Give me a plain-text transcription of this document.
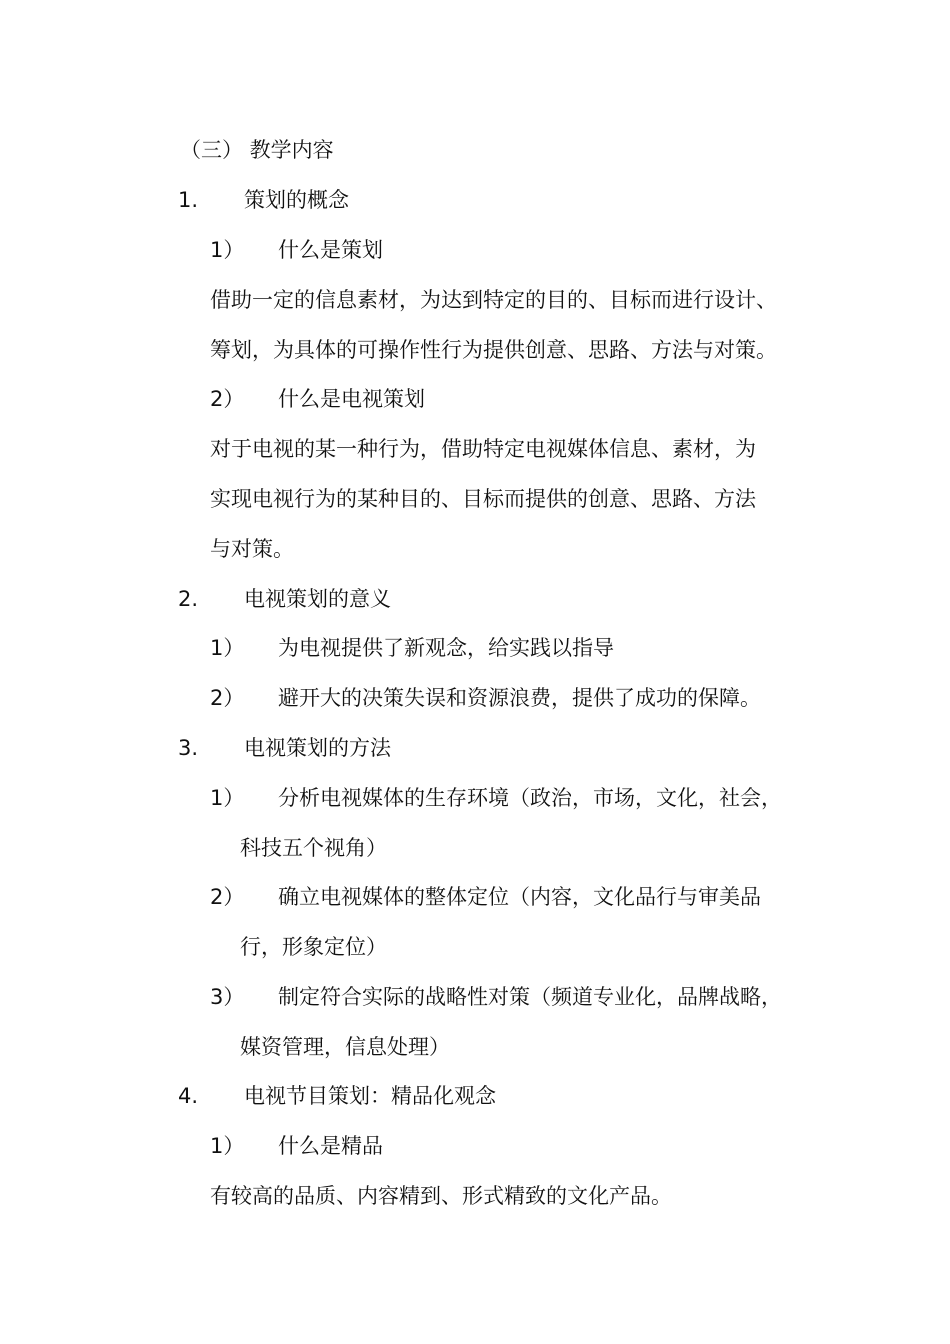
（三） 教学内容
1. 策划的概念
1） 什么是策划
借助一定的信息素材，为达到特定的目的、目标而进行设计、
筹划，为具体的可操作性行为提供创意、思路、方法与对策。
2） 什么是电视策划
对于电视的某一种行为，借助特定电视媒体信息、素材，为
实现电视行为的某种目的、目标而提供的创意、思路、方法
与对策。
2. 电视策划的意义
1） 为电视提供了新观念，给实践以指导
2） 避开大的决策失误和资源浪费，提供了成功的保障。
3. 电视策划的方法
1） 分析电视媒体的生存环境（政治，市场，文化，社会，
科技五个视角）
2） 确立电视媒体的整体定位（内容，文化品行与审美品
行，形象定位）
3） 制定符合实际的战略性对策（频道专业化，品牌战略，
媒资管理，信息处理）
4. 电视节目策划：精品化观念
1） 什么是精品
有较高的品质、内容精到、形式精致的文化产品。
